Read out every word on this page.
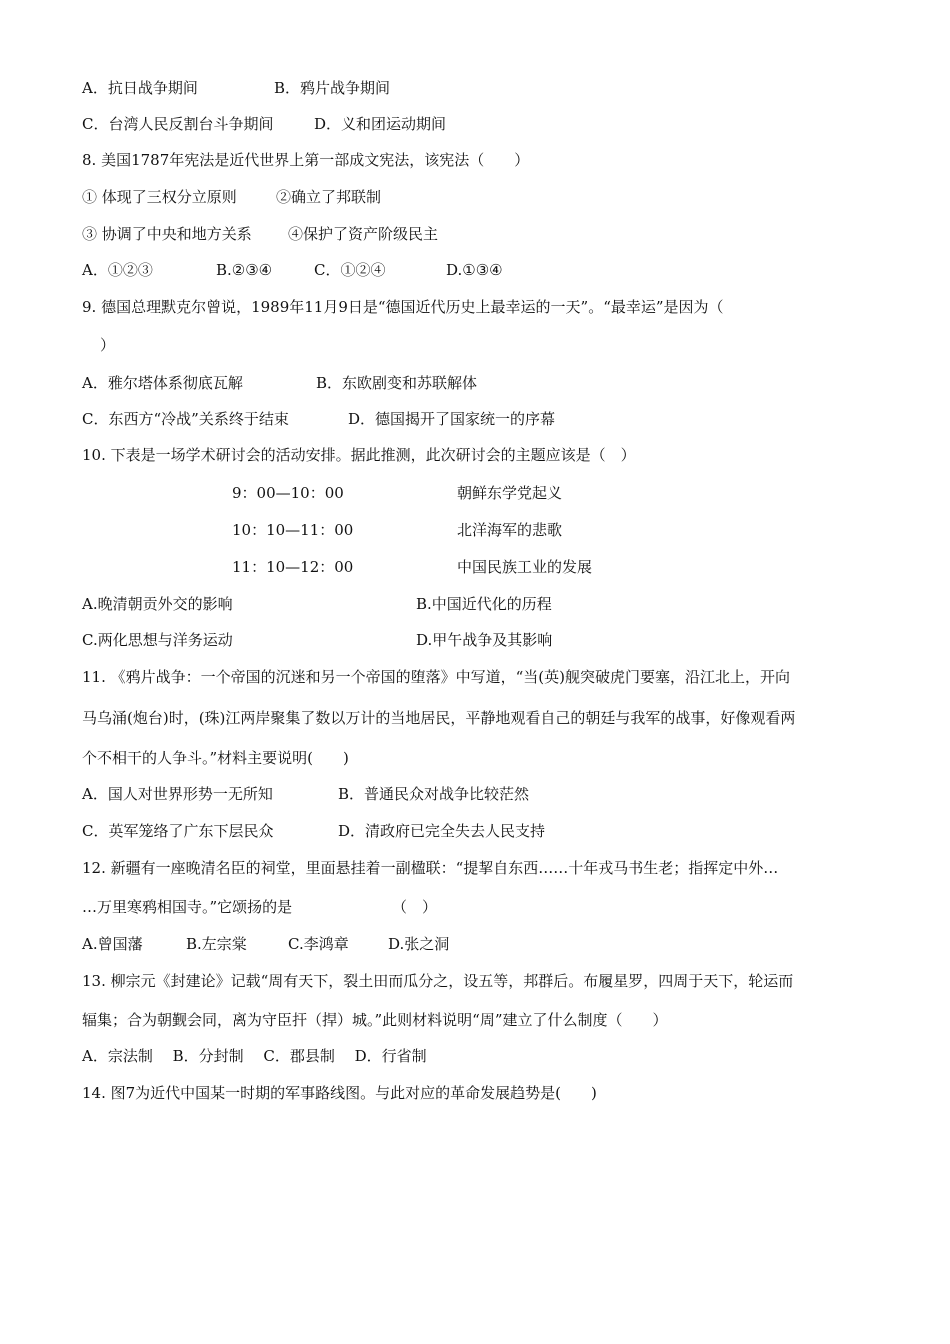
A．抗日战争期间	B．鸦片战争期间
C．台湾人民反割台斗争期间	D．义和团运动期间
8. 美国1787年宪法是近代世界上第一部成文宪法，该宪法（　　）
① 体现了三权分立原则	②确立了邦联制
③ 协调了中央和地方关系 ④保护了资产阶级民主
A．①②③	B.②③④	C．①②④	D.①③④
9. 德国总理默克尔曾说，1989年11月9日是“德国近代历史上最幸运的一天”。“最幸运”是因为（
）
A．雅尔塔体系彻底瓦解	B．东欧剧变和苏联解体
C．东西方“冷战”关系终于结束	D．德国揭开了国家统一的序幕
10. 下表是一场学术研讨会的活动安排。据此推测，此次研讨会的主题应该是（　）
9：00—10：00	朝鲜东学党起义
10：10—11：00	北洋海军的悲歌
11：10—12：00	中国民族工业的发展
A.晚清朝贡外交的影响	B.中国近代化的历程
C.两化思想与洋务运动	D.甲午战争及其影响
11. 《鸦片战争：一个帝国的沉迷和另一个帝国的堕落》中写道，“当(英)舰突破虎门要塞，沿江北上，开向
马乌涌(炮台)时，(珠)江两岸聚集了数以万计的当地居民，平静地观看自己的朝廷与我军的战事，好像观看两
个不相干的人争斗。”材料主要说明(　　)
A．国人对世界形势一无所知	B．普通民众对战争比较茫然
C．英军笼络了广东下层民众	D．清政府已完全失去人民支持
12. 新疆有一座晚清名臣的祠堂，里面悬挂着一副楹联：“提挈自东西……十年戎马书生老；指挥定中外…
…万里寒鸦相国寺。”它颂扬的是	（　）
A.曾国藩	B.左宗棠	C.李鸿章	D.张之洞
13. 柳宗元《封建论》记载“周有天下，裂土田而瓜分之，设五等，邦群后。布履星罗，四周于天下，轮运而
辐集；合为朝觐会同，离为守臣扞（捍）城。”此则材料说明“周”建立了什么制度（　　）
A．宗法制　 B．分封制　 C．郡县制　 D．行省制
14. 图7为近代中国某一时期的军事路线图。与此对应的革命发展趋势是(　　)
